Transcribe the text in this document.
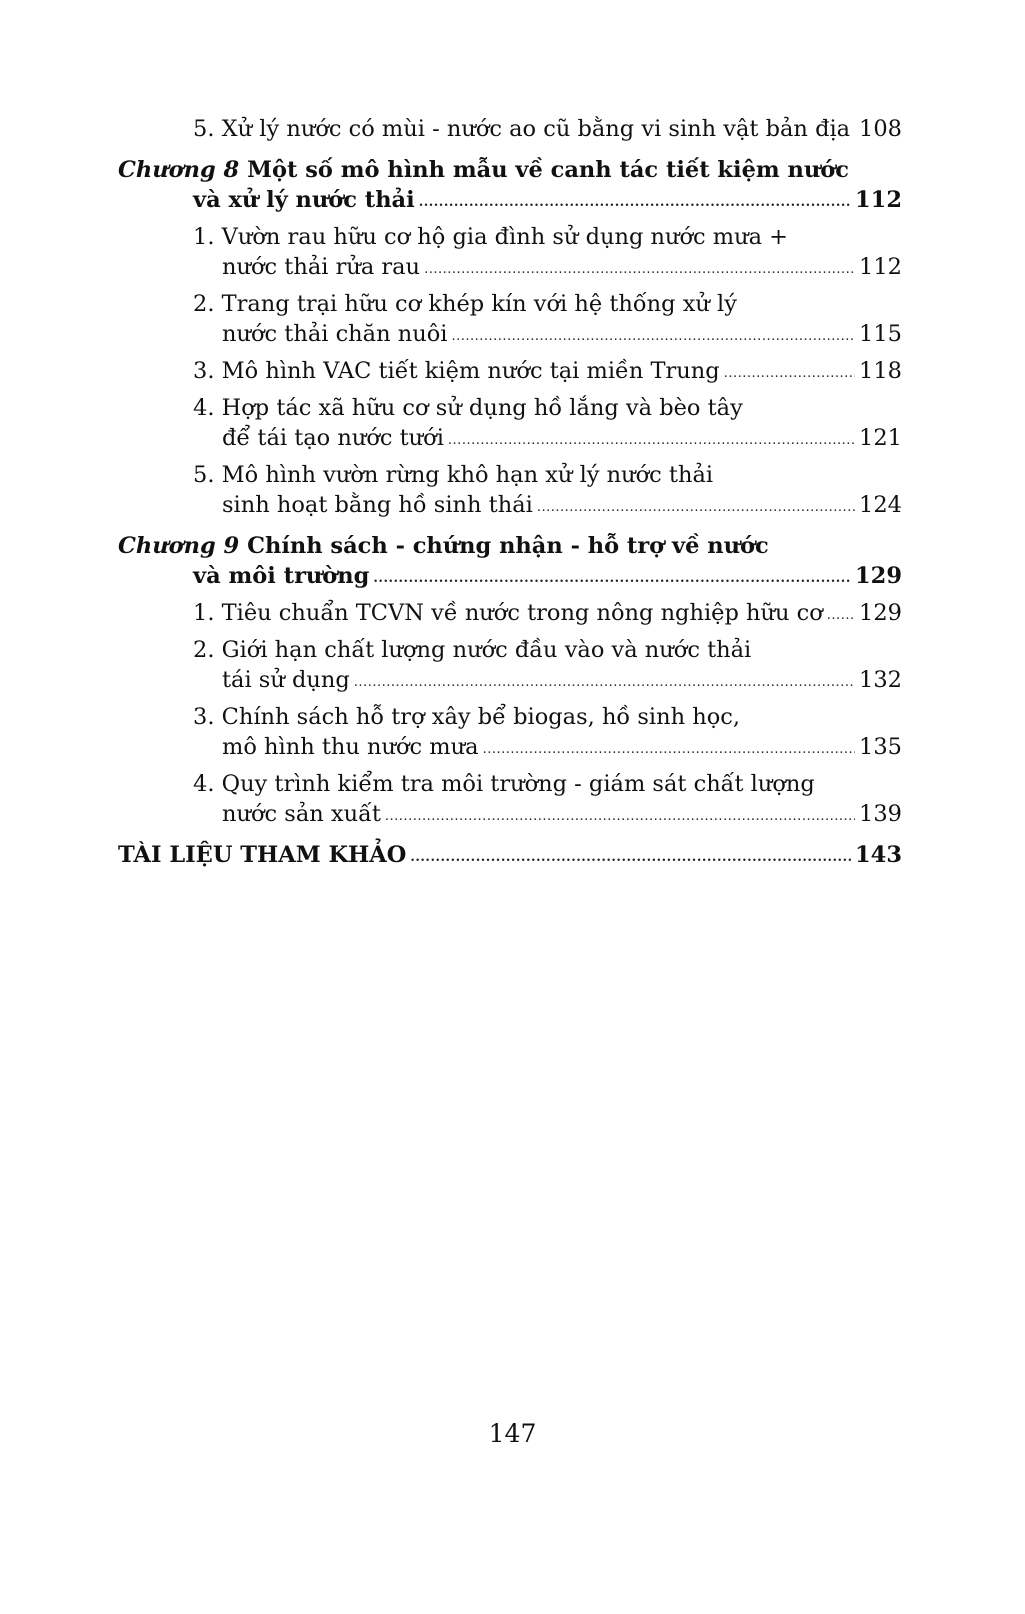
5. Xử lý nước có mùi - nước ao cũ bằng vi sinh vật bản địa ..... 108
Chương 8 Một số mô hình mẫu về canh tác tiết kiệm nước
và xử lý nước thải .....	112
1. Vườn rau hữu cơ hộ gia đình sử dụng nước mưa +
nước thải rửa rau .....	112
2. Trang trại hữu cơ khép kín với hệ thống xử lý
nước thải chăn nuôi .....	115
3. Mô hình VAC tiết kiệm nước tại miền Trung .....	118
4. Hợp tác xã hữu cơ sử dụng hồ lắng và bèo tây
để tái tạo nước tưới .....	121
5. Mô hình vườn rừng khô hạn xử lý nước thải
sinh hoạt bằng hồ sinh thái .....	124
Chương 9 Chính sách - chứng nhận - hỗ trợ về nước
và môi trường .....	129
1. Tiêu chuẩn TCVN về nước trong nông nghiệp hữu cơ ..... 129
2. Giới hạn chất lượng nước đầu vào và nước thải
tái sử dụng .....	132
3. Chính sách hỗ trợ xây bể biogas, hồ sinh học,
mô hình thu nước mưa .....	135
4. Quy trình kiểm tra môi trường - giám sát chất lượng
nước sản xuất .....	139
TÀI LIỆU THAM KHẢO .....	143
147
